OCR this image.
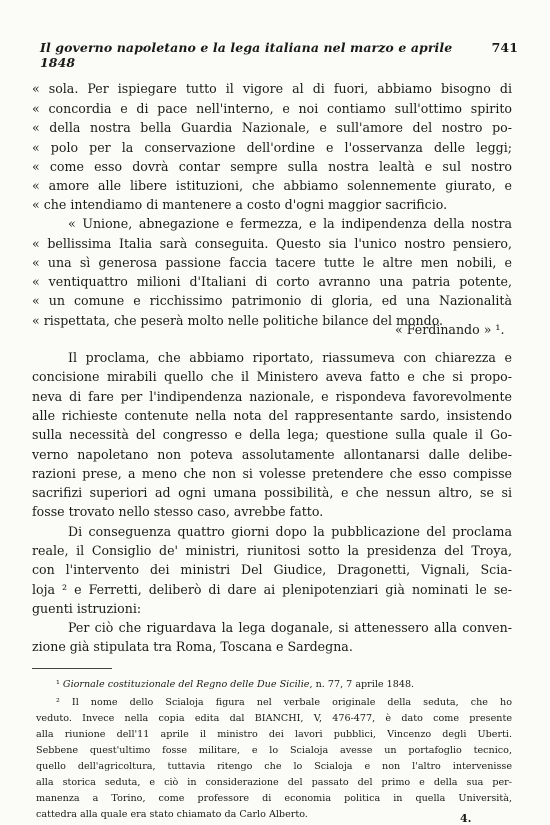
Il governo napoletano e la lega italiana nel marzo e aprile 1848
741
« sola. Per ispiegare tutto il vigore al di fuori, abbiamo bisogno di
« concordia e di pace nell'interno, e noi contiamo sull'ottimo spirito
« della nostra bella Guardia Nazionale, e sull'amore del nostro po-
« polo per la conservazione dell'ordine e l'osservanza delle leggi;
« come esso dovrà contar sempre sulla nostra lealtà e sul nostro
« amore alle libere istituzioni, che abbiamo solennemente giurato, e
« che intendiamo di mantenere a costo d'ogni maggior sacrificio.
« Unione, abnegazione e fermezza, e la indipendenza della nostra
« bellissima Italia sarà conseguita. Questo sia l'unico nostro pensiero,
« una sì generosa passione faccia tacere tutte le altre men nobili, e
« ventiquattro milioni d'Italiani di corto avranno una patria potente,
« un comune e ricchissimo patrimonio di gloria, ed una Nazionalità
« rispettata, che peserà molto nelle politiche bilance del mondo.
« Ferdinando » ¹.
Il proclama, che abbiamo riportato, riassumeva con chiarezza e
concisione mirabili quello che il Ministero aveva fatto e che si propo-
neva di fare per l'indipendenza nazionale, e rispondeva favorevolmente
alle richieste contenute nella nota del rappresentante sardo, insistendo
sulla necessità del congresso e della lega; questione sulla quale il Go-
verno napoletano non poteva assolutamente allontanarsi dalle delibe-
razioni prese, a meno che non si volesse pretendere che esso compisse
sacrifizi superiori ad ogni umana possibilità, e che nessun altro, se si
fosse trovato nello stesso caso, avrebbe fatto.
Di conseguenza quattro giorni dopo la pubblicazione del proclama
reale, il Consiglio de' ministri, riunitosi sotto la presidenza del Troya,
con l'intervento dei ministri Del Giudice, Dragonetti, Vignali, Scia-
loja ² e Ferretti, deliberò di dare ai plenipotenziari già nominati le se-
guenti istruzioni:
Per ciò che riguardava la lega doganale, si attenessero alla conven-
zione già stipulata tra Roma, Toscana e Sardegna.
¹ Giornale costituzionale del Regno delle Due Sicilie, n. 77, 7 aprile 1848.
² Il nome dello Scialoja figura nel verbale originale della seduta, che ho
veduto. Invece nella copia edita dal BIANCHI, V, 476-477, è dato come presente
alla riunione dell'11 aprile il ministro dei lavori pubblici, Vincenzo degli Uberti.
Sebbene quest'ultimo fosse militare, e lo Scialoja avesse un portafoglio tecnico,
quello dell'agricoltura, tuttavia ritengo che lo Scialoja e non l'altro intervenisse
alla storica seduta, e ciò in considerazione del passato del primo e della sua per-
manenza a Torino, come professore di economia politica in quella Università,
cattedra alla quale era stato chiamato da Carlo Alberto.	4.
